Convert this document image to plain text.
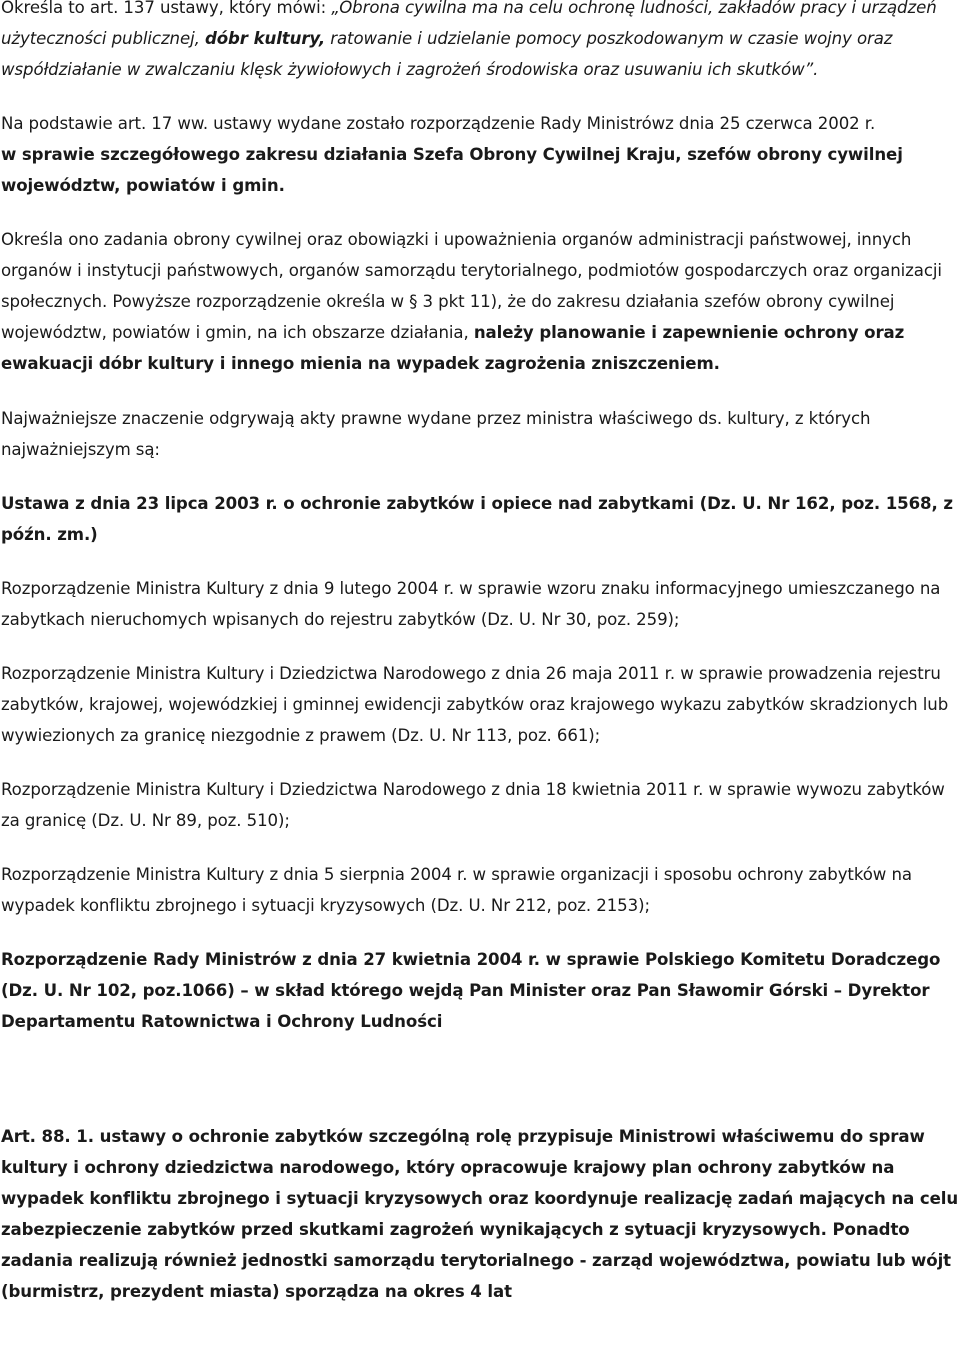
Określa to art. 137 ustawy, który mówi: „Obrona cywilna ma na celu ochronę ludności, zakładów pracy i urządzeń użyteczności publicznej, dóbr kultury, ratowanie i udzielanie pomocy poszkodowanym w czasie wojny oraz współdziałanie w zwalczaniu klęsk żywiołowych i zagrożeń środowiska oraz usuwaniu ich skutków”.

Na podstawie art. 17 ww. ustawy wydane zostało rozporządzenie Rady Ministrówz dnia 25 czerwca 2002 r.

w sprawie szczegółowego zakresu działania Szefa Obrony Cywilnej Kraju, szefów obrony cywilnej województw, powiatów i gmin.

Określa ono zadania obrony cywilnej oraz obowiązki i upoważnienia organów administracji państwowej, innych organów i instytucji państwowych, organów samorządu terytorialnego, podmiotów gospodarczych oraz organizacji społecznych. Powyższe rozporządzenie określa w § 3 pkt 11), że do zakresu działania szefów obrony cywilnej województw, powiatów i gmin, na ich obszarze działania, należy planowanie i zapewnienie ochrony oraz ewakuacji dóbr kultury i innego mienia na wypadek zagrożenia zniszczeniem.

Najważniejsze znaczenie odgrywają akty prawne wydane przez ministra właściwego ds. kultury, z których najważniejszym są:

Ustawa z dnia 23 lipca 2003 r. o ochronie zabytków i opiece nad zabytkami (Dz. U. Nr 162, poz. 1568, z późn. zm.)

Rozporządzenie Ministra Kultury z dnia 9 lutego 2004 r. w sprawie wzoru znaku informacyjnego umieszczanego na zabytkach nieruchomych wpisanych do rejestru zabytków (Dz. U. Nr 30, poz. 259);

Rozporządzenie Ministra Kultury i Dziedzictwa Narodowego z dnia 26 maja 2011 r. w sprawie prowadzenia rejestru zabytków, krajowej, wojewódzkiej i gminnej ewidencji zabytków oraz krajowego wykazu zabytków skradzionych lub wywiezionych za granicę niezgodnie z prawem (Dz. U. Nr 113, poz. 661);

Rozporządzenie Ministra Kultury i Dziedzictwa Narodowego z dnia 18 kwietnia 2011 r. w sprawie wywozu zabytków za granicę (Dz. U. Nr 89, poz. 510);

Rozporządzenie Ministra Kultury z dnia 5 sierpnia 2004 r. w sprawie organizacji i sposobu ochrony zabytków na wypadek konfliktu zbrojnego i sytuacji kryzysowych (Dz. U. Nr 212, poz. 2153);

Rozporządzenie Rady Ministrów z dnia 27 kwietnia 2004 r. w sprawie Polskiego Komitetu Doradczego (Dz. U. Nr 102, poz.1066) – w skład którego wejdą Pan Minister oraz Pan Sławomir Górski – Dyrektor Departamentu Ratownictwa i Ochrony Ludności

Art. 88. 1. ustawy o ochronie zabytków szczególną rolę przypisuje Ministrowi właściwemu do spraw kultury i ochrony dziedzictwa narodowego, który opracowuje krajowy plan ochrony zabytków na wypadek konfliktu zbrojnego i sytuacji kryzysowych oraz koordynuje realizację zadań mających na celu zabezpieczenie zabytków przed skutkami zagrożeń wynikających z sytuacji kryzysowych. Ponadto zadania realizują również jednostki samorządu terytorialnego - zarząd województwa, powiatu lub wójt (burmistrz, prezydent miasta) sporządza na okres 4 lat
